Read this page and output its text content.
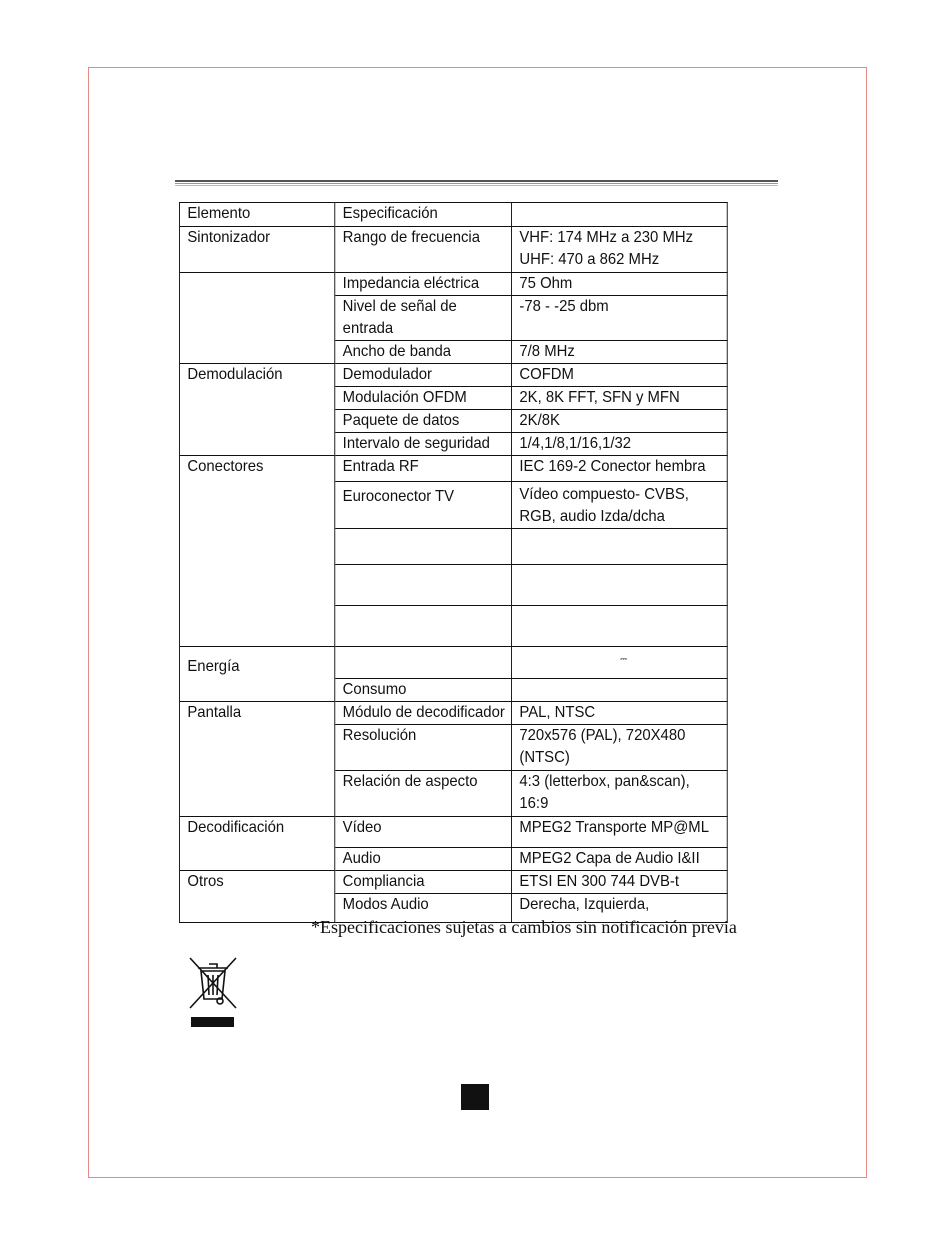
Elemento	Especificación	
Sintonizador	Rango de frecuencia	VHF: 174 MHz a 230 MHz
UHF: 470 a 862 MHz

	Impedancia eléctrica	75 Ohm
	Nivel de señal de entrada	-78 - -25 dbm
	Ancho de banda	7/8 MHz
Demodulación	Demodulador	COFDM
	Modulación OFDM	2K, 8K FFT, SFN y MFN
	Paquete de datos	2K/8K
	Intervalo de seguridad	1/4,1/8,1/16,1/32
Conectores	Entrada RF	IEC 169-2 Conector hembra
	Euroconector TV	Vídeo compuesto- CVBS,
RGB, audio Izda/dcha

Energía		⎓
	Consumo	
Pantalla	Módulo de decodificador	PAL, NTSC
	Resolución	720x576 (PAL), 720X480
(NTSC)

	Relación de aspecto	4:3 (letterbox, pan&scan),
16:9

Decodificación	Vídeo	MPEG2 Transporte MP@ML
	Audio	MPEG2 Capa de Audio I&II
Otros	Compliancia	ETSI EN 300 744 DVB-t
	Modos Audio	Derecha, Izquierda,
*Especificaciones sujetas a cambios sin notificación previa
